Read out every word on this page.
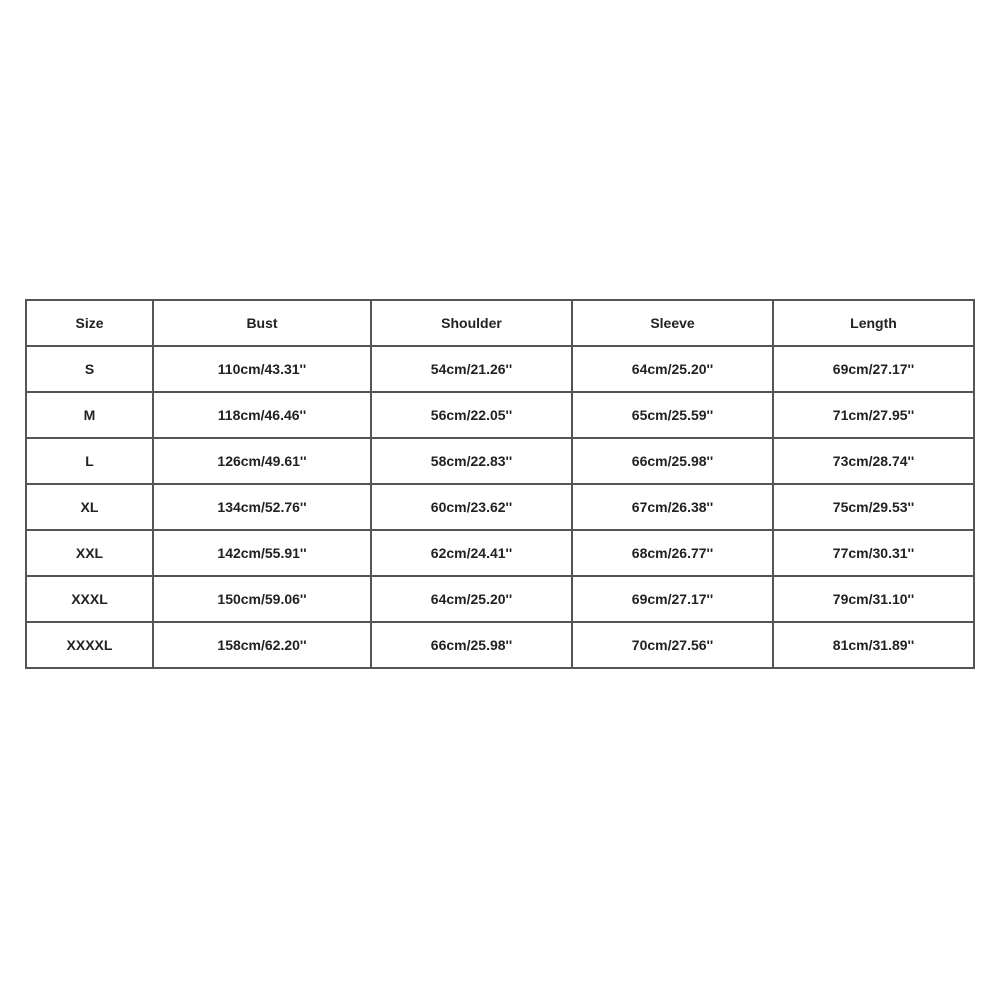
Size	Bust	Shoulder	Sleeve	Length
S	110cm/43.31''	54cm/21.26''	64cm/25.20''	69cm/27.17''
M	118cm/46.46''	56cm/22.05''	65cm/25.59''	71cm/27.95''
L	126cm/49.61''	58cm/22.83''	66cm/25.98''	73cm/28.74''
XL	134cm/52.76''	60cm/23.62''	67cm/26.38''	75cm/29.53''
XXL	142cm/55.91''	62cm/24.41''	68cm/26.77''	77cm/30.31''
XXXL	150cm/59.06''	64cm/25.20''	69cm/27.17''	79cm/31.10''
XXXXL	158cm/62.20''	66cm/25.98''	70cm/27.56''	81cm/31.89''
